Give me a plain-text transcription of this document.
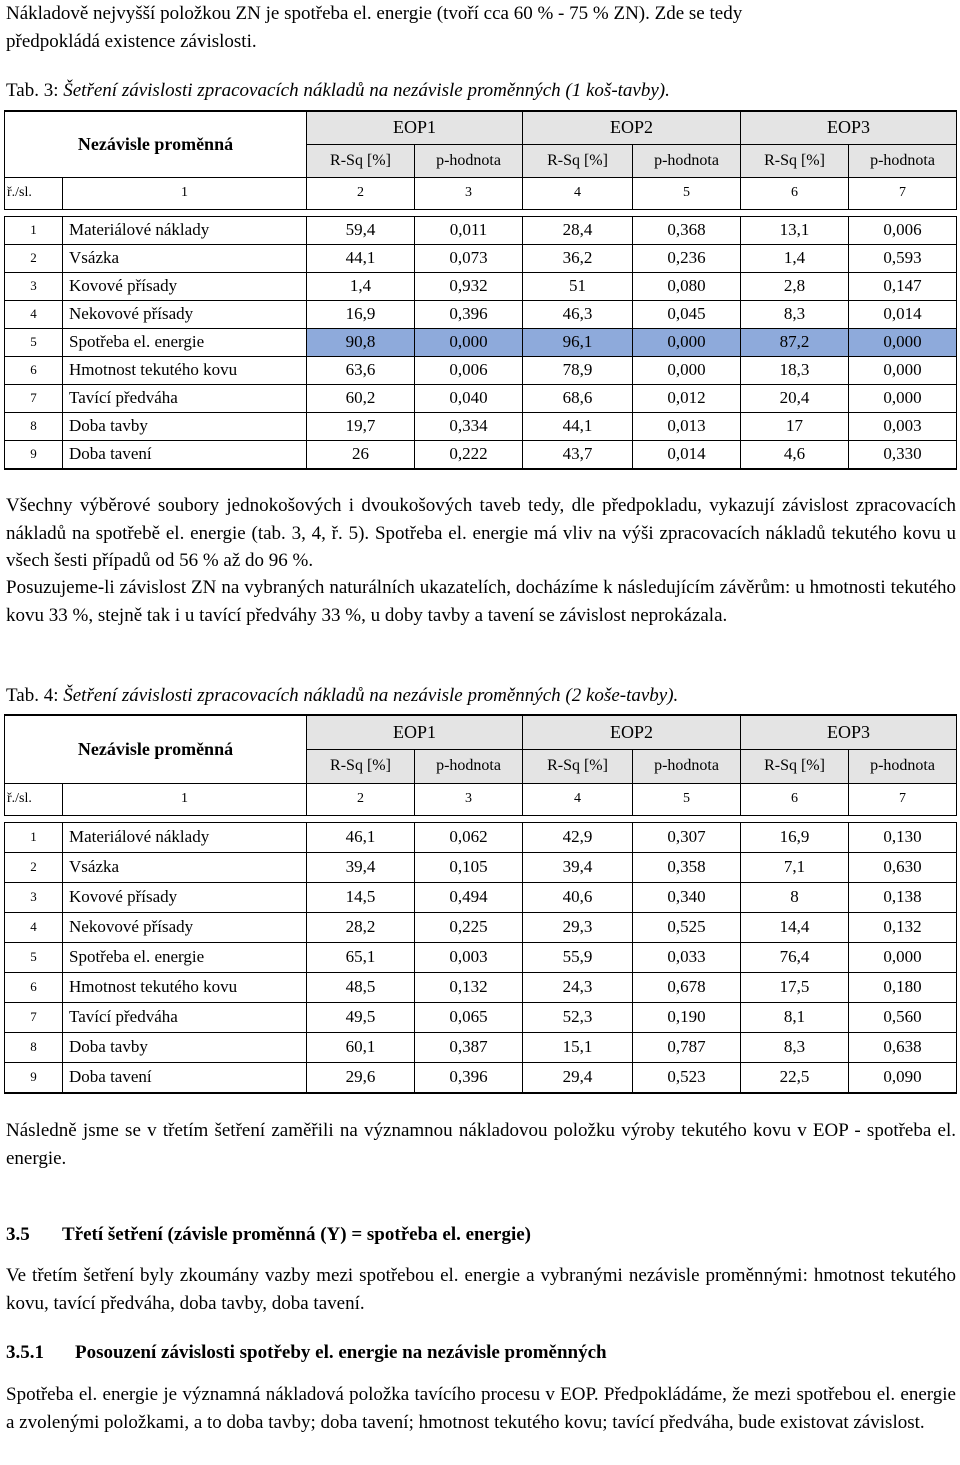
Nákladově nejvyšší položkou ZN je spotřeba el. energie (tvoří cca 60 % - 75 % ZN). Zde se tedy

předpokládá existence závislosti.

Tab. 3: Šetření závislosti zpracovacích nákladů na nezávisle proměnných (1 koš-tavby).
Nezávisle proměnná		EOP1		EOP2		EOP3	
		R-Sq [%]	p-hodnota	R-Sq [%]	p-hodnota	R-Sq [%]	p-hodnota
ř./sl.	1	2	3	4	5	6	7

1	Materiálové náklady	59,4	0,011	28,4	0,368	13,1	0,006
2	Vsázka	44,1	0,073	36,2	0,236	1,4	0,593
3	Kovové přísady	1,4	0,932	51	0,080	2,8	0,147
4	Nekovové přísady	16,9	0,396	46,3	0,045	8,3	0,014
5	Spotřeba el. energie	90,8	0,000	96,1	0,000	87,2	0,000
6	Hmotnost tekutého kovu	63,6	0,006	78,9	0,000	18,3	0,000
7	Tavící předváha	60,2	0,040	68,6	0,012	20,4	0,000
8	Doba tavby	19,7	0,334	44,1	0,013	17	0,003
9	Doba tavení	26	0,222	43,7	0,014	4,6	0,330

Všechny výběrové soubory jednokošových i dvoukošových taveb tedy, dle předpokladu, vykazují závislost zpracovacích nákladů na spotřebě el. energie (tab. 3, 4, ř. 5). Spotřeba el. energie má vliv na výši zpracovacích nákladů tekutého kovu u všech šesti případů od 56 % až do 96 %.

Posuzujeme-li závislost ZN na vybraných naturálních ukazatelích, docházíme k následujícím závěrům: u hmotnosti tekutého kovu 33 %, stejně tak i u tavící předváhy 33 %, u doby tavby a tavení se závislost neprokázala.

Tab. 4: Šetření závislosti zpracovacích nákladů na nezávisle proměnných (2 koše-tavby).
Nezávisle proměnná		EOP1		EOP2		EOP3	
		R-Sq [%]	p-hodnota	R-Sq [%]	p-hodnota	R-Sq [%]	p-hodnota
ř./sl.	1	2	3	4	5	6	7

1	Materiálové náklady	46,1	0,062	42,9	0,307	16,9	0,130
2	Vsázka	39,4	0,105	39,4	0,358	7,1	0,630
3	Kovové přísady	14,5	0,494	40,6	0,340	8	0,138
4	Nekovové přísady	28,2	0,225	29,3	0,525	14,4	0,132
5	Spotřeba el. energie	65,1	0,003	55,9	0,033	76,4	0,000
6	Hmotnost tekutého kovu	48,5	0,132	24,3	0,678	17,5	0,180
7	Tavící předváha	49,5	0,065	52,3	0,190	8,1	0,560
8	Doba tavby	60,1	0,387	15,1	0,787	8,3	0,638
9	Doba tavení	29,6	0,396	29,4	0,523	22,5	0,090

Následně jsme se v třetím šetření zaměřili na významnou nákladovou položku výroby tekutého kovu v EOP - spotřeba el. energie.

3.5 Třetí šetření (závisle proměnná (Y) = spotřeba el. energie)

Ve třetím šetření byly zkoumány vazby mezi spotřebou el. energie a vybranými nezávisle proměnnými: hmotnost tekutého kovu, tavící předváha, doba tavby, doba tavení.

3.5.1 Posouzení závislosti spotřeby el. energie na nezávisle proměnných

Spotřeba el. energie je významná nákladová položka tavícího procesu v EOP. Předpokládáme, že mezi spotřebou el. energie a zvolenými položkami, a to doba tavby; doba tavení; hmotnost tekutého kovu; tavící předváha, bude existovat závislost.
